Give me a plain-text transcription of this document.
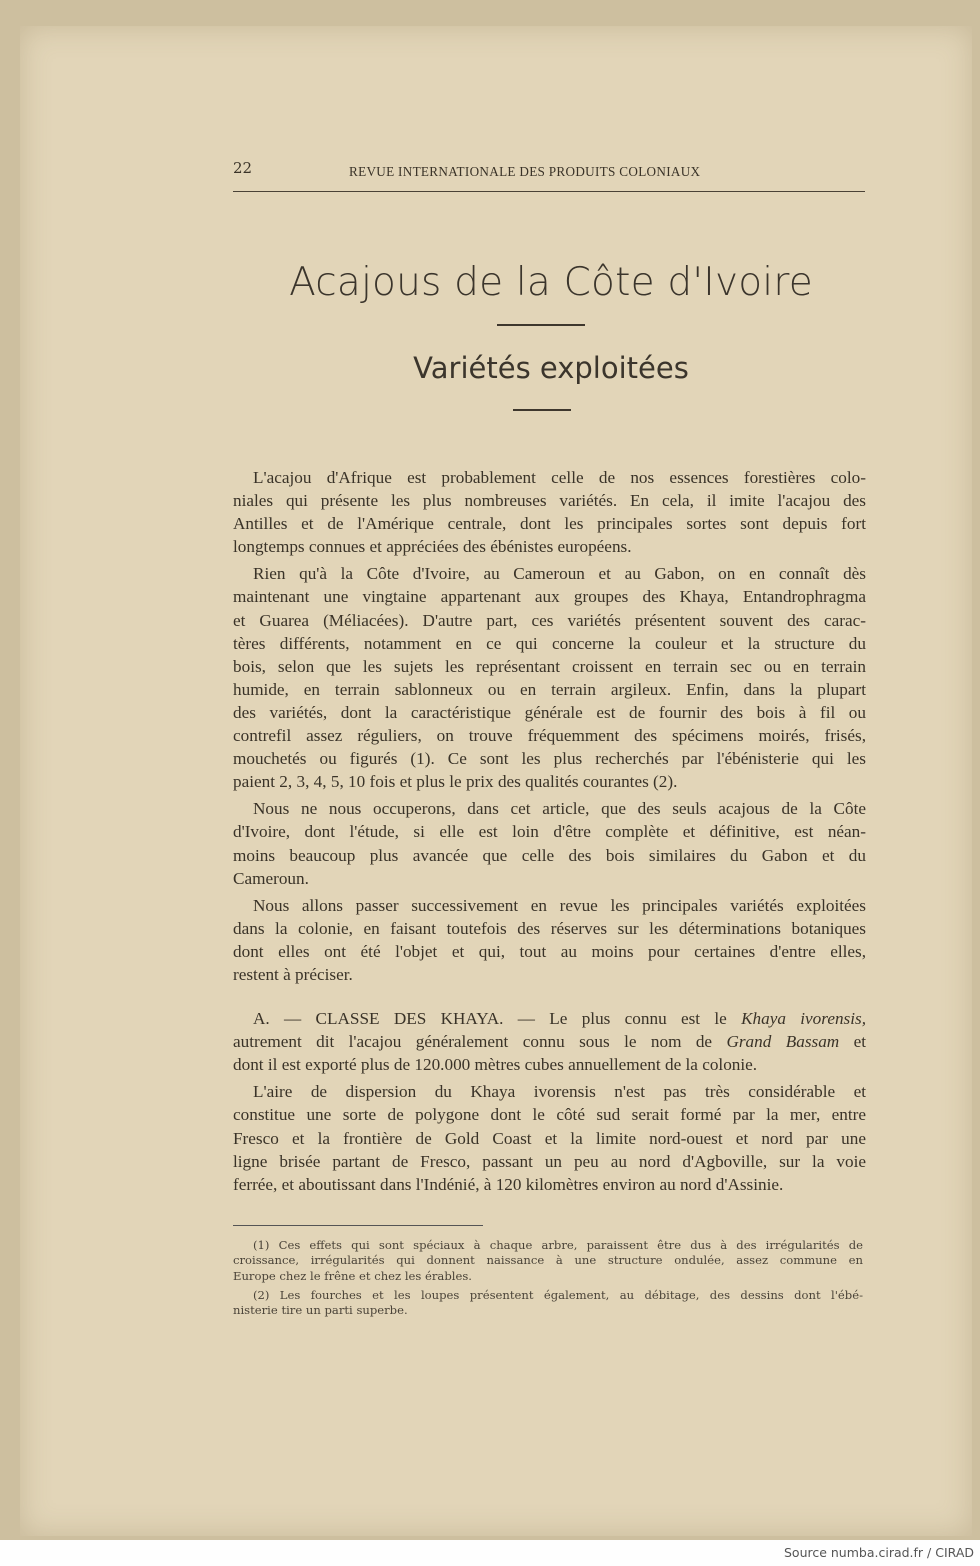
22	REVUE INTERNATIONALE DES PRODUITS COLONIAUX
Acajous de la Côte d'Ivoire
Variétés exploitées
L'acajou d'Afrique est probablement celle de nos essences forestières colo-
niales qui présente les plus nombreuses variétés. En cela, il imite l'acajou des
Antilles et de l'Amérique centrale, dont les principales sortes sont depuis fort
longtemps connues et appréciées des ébénistes européens.
Rien qu'à la Côte d'Ivoire, au Cameroun et au Gabon, on en connaît dès
maintenant une vingtaine appartenant aux groupes des Khaya, Entandrophragma
et Guarea (Méliacées). D'autre part, ces variétés présentent souvent des carac-
tères différents, notamment en ce qui concerne la couleur et la structure du
bois, selon que les sujets les représentant croissent en terrain sec ou en terrain
humide, en terrain sablonneux ou en terrain argileux. Enfin, dans la plupart
des variétés, dont la caractéristique générale est de fournir des bois à fil ou
contrefil assez réguliers, on trouve fréquemment des spécimens moirés, frisés,
mouchetés ou figurés (1). Ce sont les plus recherchés par l'ébénisterie qui les
paient 2, 3, 4, 5, 10 fois et plus le prix des qualités courantes (2).
Nous ne nous occuperons, dans cet article, que des seuls acajous de la Côte
d'Ivoire, dont l'étude, si elle est loin d'être complète et définitive, est néan-
moins beaucoup plus avancée que celle des bois similaires du Gabon et du
Cameroun.
Nous allons passer successivement en revue les principales variétés exploitées
dans la colonie, en faisant toutefois des réserves sur les déterminations botaniques
dont elles ont été l'objet et qui, tout au moins pour certaines d'entre elles,
restent à préciser.
A. — CLASSE DES KHAYA. — Le plus connu est le Khaya ivorensis,
autrement dit l'acajou généralement connu sous le nom de Grand Bassam et
dont il est exporté plus de 120.000 mètres cubes annuellement de la colonie.
L'aire de dispersion du Khaya ivorensis n'est pas très considérable et
constitue une sorte de polygone dont le côté sud serait formé par la mer, entre
Fresco et la frontière de Gold Coast et la limite nord-ouest et nord par une
ligne brisée partant de Fresco, passant un peu au nord d'Agboville, sur la voie
ferrée, et aboutissant dans l'Indénié, à 120 kilomètres environ au nord d'Assinie.
(1) Ces effets qui sont spéciaux à chaque arbre, paraissent être dus à des irrégularités de
croissance, irrégularités qui donnent naissance à une structure ondulée, assez commune en
Europe chez le frêne et chez les érables.
(2) Les fourches et les loupes présentent également, au débitage, des dessins dont l'ébé-
nisterie tire un parti superbe.
Source numba.cirad.fr / CIRAD
